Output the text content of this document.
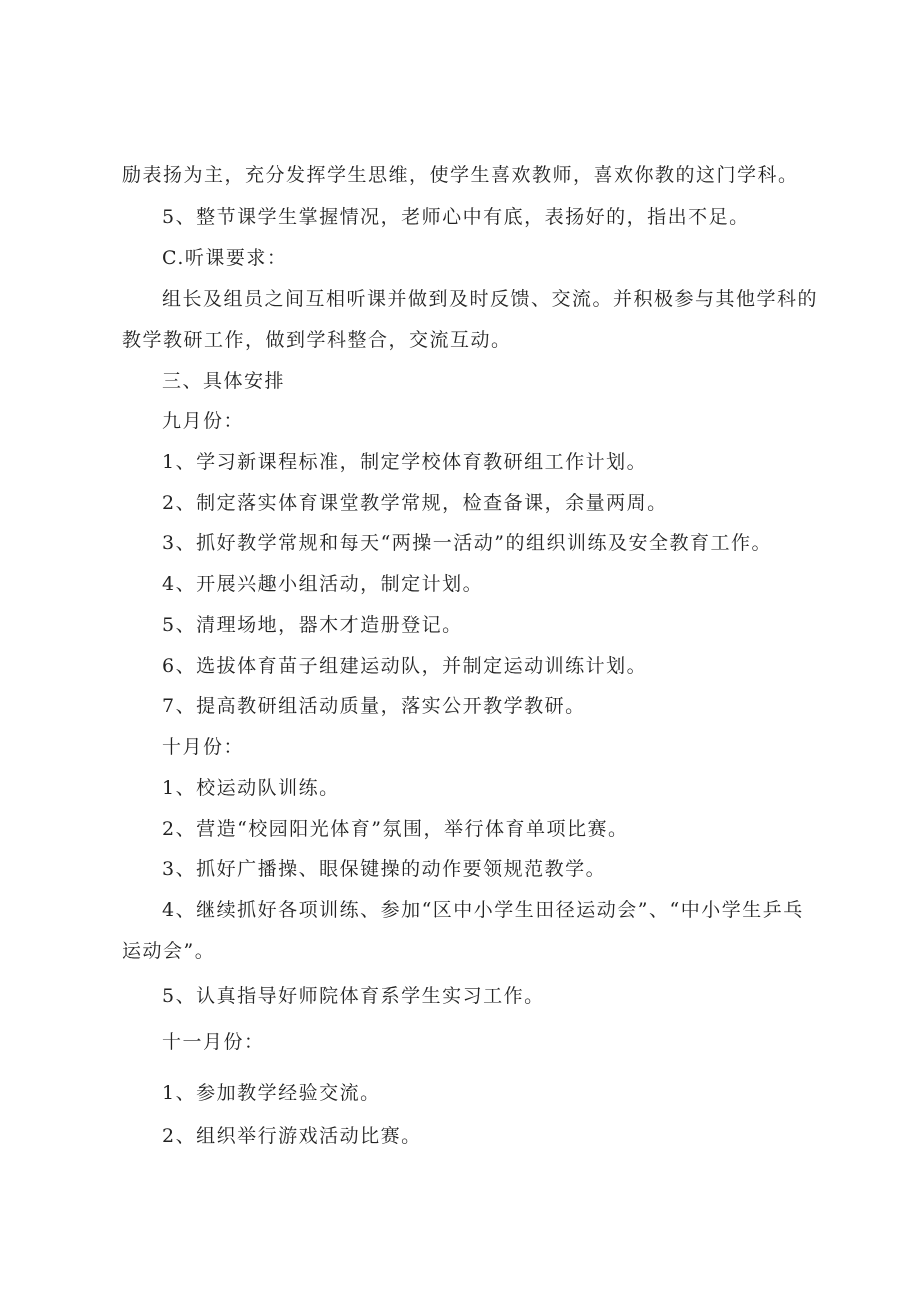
励表扬为主，充分发挥学生思维，使学生喜欢教师，喜欢你教的这门学科。

5、整节课学生掌握情况，老师心中有底，表扬好的，指出不足。

C.听课要求：

组长及组员之间互相听课并做到及时反馈、交流。并积极参与其他学科的

教学教研工作，做到学科整合，交流互动。

三、具体安排

九月份：

1、学习新课程标准，制定学校体育教研组工作计划。

2、制定落实体育课堂教学常规，检查备课，余量两周。

3、抓好教学常规和每天“两操一活动”的组织训练及安全教育工作。

4、开展兴趣小组活动，制定计划。

5、清理场地，器木才造册登记。

6、选拔体育苗子组建运动队，并制定运动训练计划。

7、提高教研组活动质量，落实公开教学教研。

十月份：

1、校运动队训练。

2、营造“校园阳光体育”氛围，举行体育单项比赛。

3、抓好广播操、眼保键操的动作要领规范教学。

4、继续抓好各项训练、参加“区中小学生田径运动会”、“中小学生乒乓

运动会”。

5、认真指导好师院体育系学生实习工作。

十一月份：

1、参加教学经验交流。

2、组织举行游戏活动比赛。
